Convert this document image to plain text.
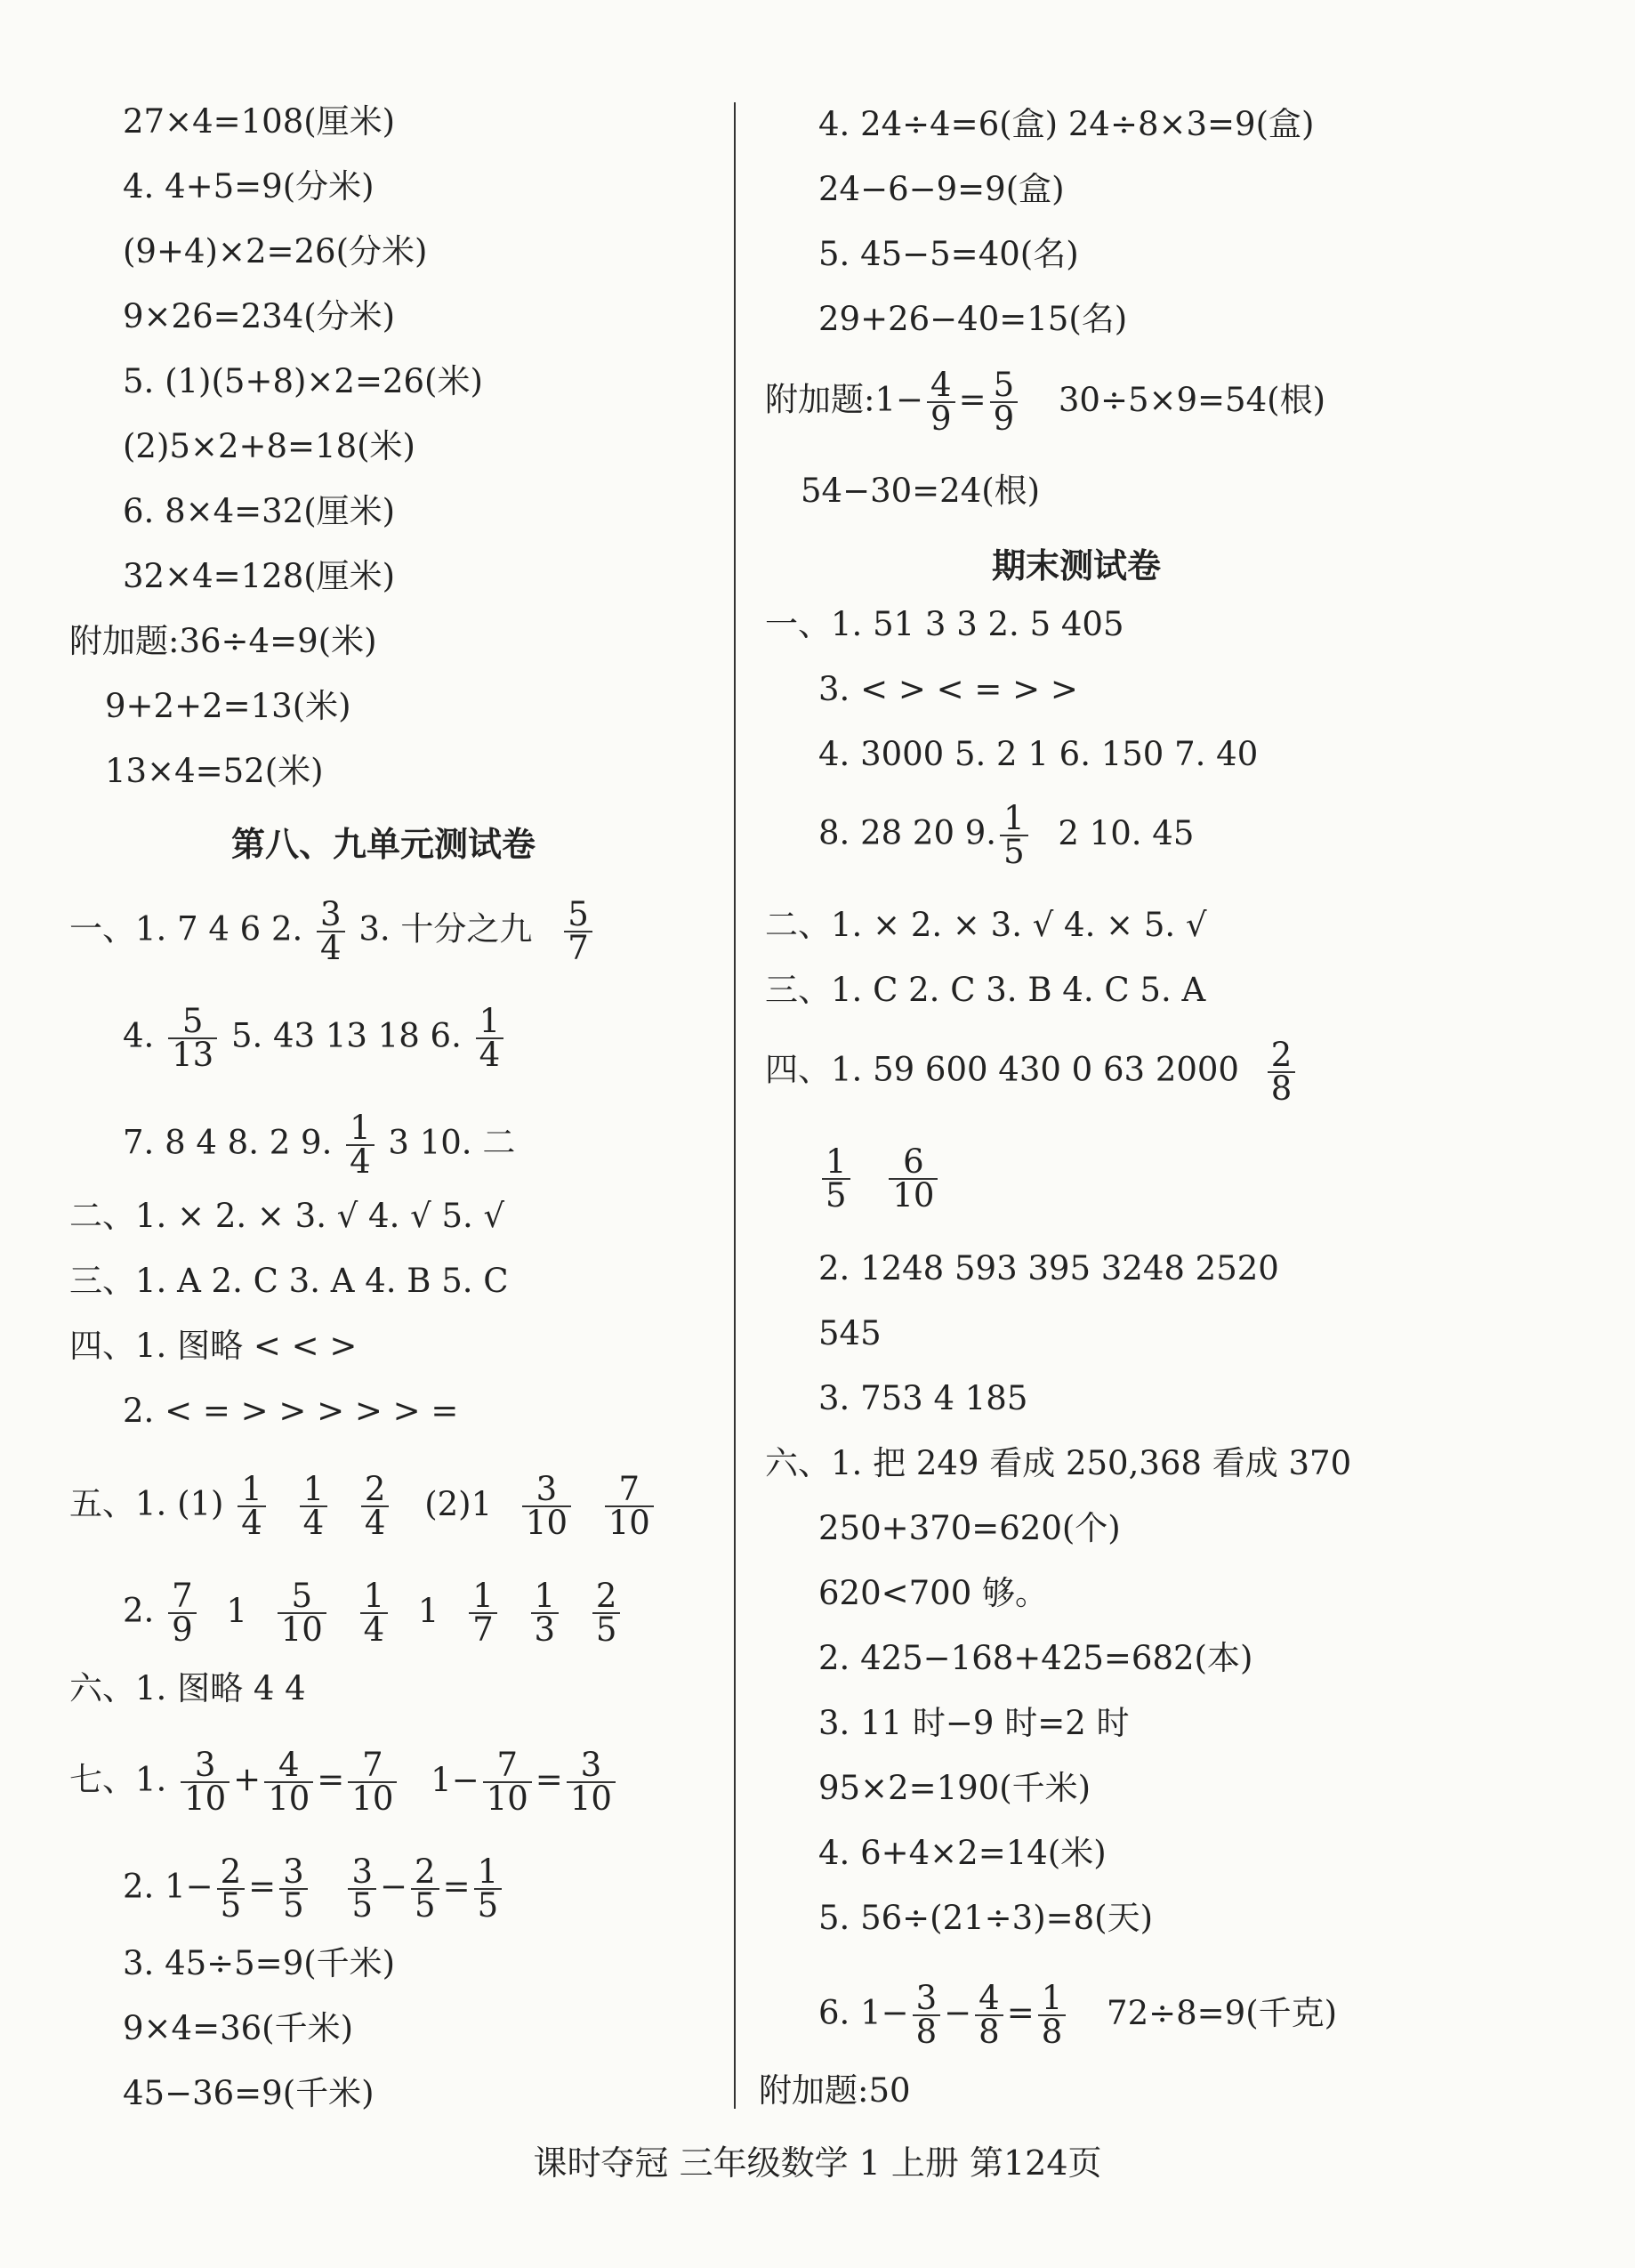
27×4=108(厘米)
4. 4+5=9(分米)
(9+4)×2=26(分米)
9×26=234(分米)
5. (1)(5+8)×2=26(米)
(2)5×2+8=18(米)
6. 8×4=32(厘米)
32×4=128(厘米)
附加题:36÷4=9(米)
9+2+2=13(米)
13×4=52(米)
第八、九单元测试卷
一、1. 7 4 6 2. $\frac{3}{4} 3$. 十分之九 $\frac{5}{7}$
4. $\frac{5}{13} 5$. 43 13 18 6. $\frac{1}{4}$
7. 8 4 8. 2 9. $\frac{1}{4} 3$ 10. 二
二、1. × 2. × 3. √ 4. √ 5. √
三、1. A 2. C 3. A 4. B 5. C
四、1. 图略 < < >
2. < = > > > > > =
五、1. $(1) \frac{1}{4}$
$\frac{1}{4}$
$\frac{2}{4} (2)1 \frac{3}{10}$
$\frac{7}{10}$
2. $\frac{7}{9} 1 \frac{5}{10}$
$\frac{1}{4} 1 \frac{1}{7}$
$\frac{1}{3}$
$\frac{2}{5}$
六、1. 图略 4 4
七、1. $\frac{3}{10} + \frac{4}{10} = \frac{7}{10} 1- \frac{7}{10} = \frac{3}{10}$
2. $1- \frac{2}{5} = \frac{3}{5}$
$\frac{3}{5} - \frac{2}{5} = \frac{1}{5}$
3. 45÷5=9(千米)
9×4=36(千米)
45−36=9(千米)
4. 24÷4=6(盒) 24÷8×3=9(盒)
24−6−9=9(盒)
5. 45−5=40(名)
29+26−40=15(名)
附加题:1− $\frac{4}{9} = \frac{5}{9} 30\div 5\times 9=54$(根)
54−30=24(根)
期末测试卷
一、1. 51 3 3 2. 5 405
3. < > < = > >
4. 3000 5. 2 1 6. 150 7. 40
8. 28 20 9. $\frac{1}{5} 2$ 10. 45
二、1. × 2. × 3. √ 4. × 5. √
三、1. C 2. C 3. B 4. C 5. A
四、1. 59 600 430 0 63 $2000 \frac{2}{8}$
$\frac{1}{5}$
$\frac{6}{10}$
2. 1248 593 395 3248 2520
545
3. 753 4 185
六、1. 把 249 看成 250,368 看成 370
250+370=620(个)
620<700 够。
2. 425−168+425=682(本)
3. 11 时−9 时=2 时
95×2=190(千米)
4. 6+4×2=14(米)
5. 56÷(21÷3)=8(天)
6. $1- \frac{3}{8} - \frac{4}{8} = \frac{1}{8} 72\div 8=9$(千克)
附加题:50
课时夺冠 三年级数学 1 上册 第124页
